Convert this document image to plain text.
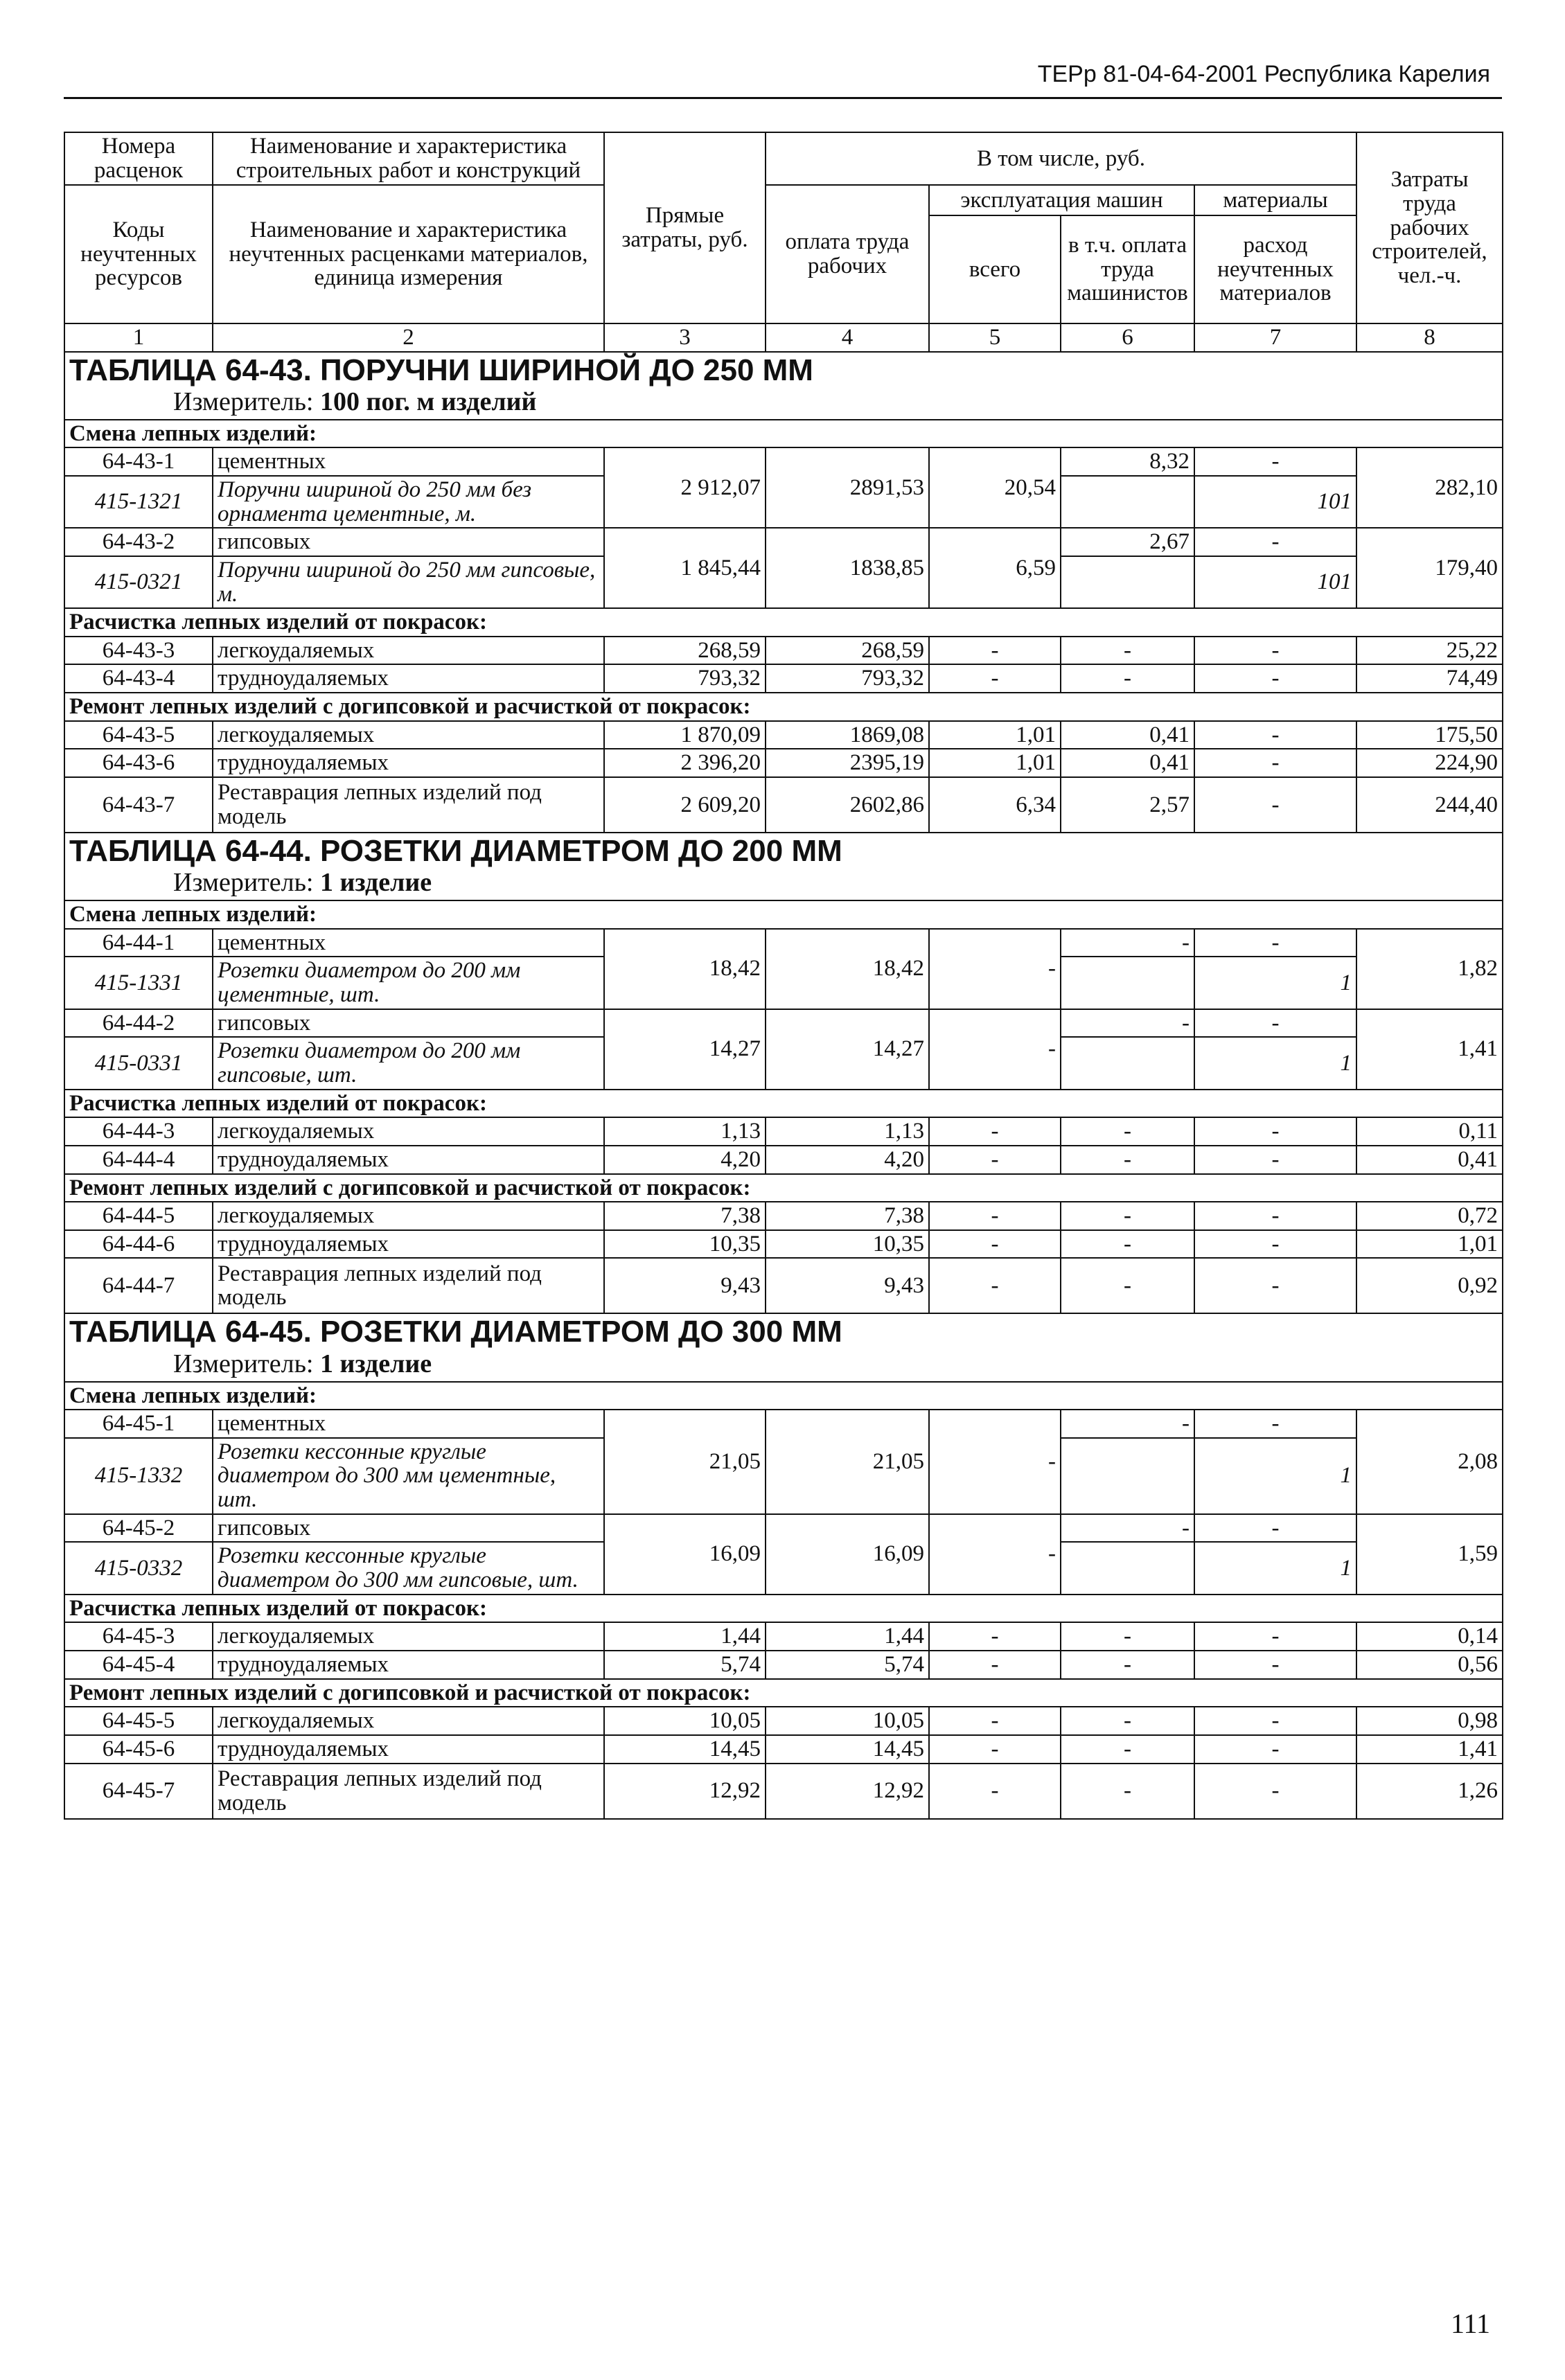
ТЕРр 81-04-64-2001 Республика Карелия
Номера расценок	Наименование и характеристика строительных работ и конструкций	Прямые затраты, руб.	В том числе, руб.				Затраты труда рабочих строителей, чел.-ч.
Коды неучтенных ресурсов	Наименование и характеристика неучтенных расценками материалов, единица измерения		оплата труда рабочих	эксплуатация машин		материалы	
				всего	в т.ч. оплата труда машинистов	расход неучтенных материалов	
1	2	3	4	5	6	7	8

ТАБЛИЦА 64-43. ПОРУЧНИ ШИРИНОЙ ДО 250 ММ
Измеритель: 100 пог. м изделий							

Смена лепных изделий:							
64-43-1	цементных	2 912,07	2891,53	20,54	8,32	-	282,10
415-1321	Поручни шириной до 250 мм без орнамента цементные, м.					101	
64-43-2	гипсовых	1 845,44	1838,85	6,59	2,67	-	179,40
415-0321	Поручни шириной до 250 мм гипсовые, м.					101	
Расчистка лепных изделий от покрасок:							
64-43-3	легкоудаляемых	268,59	268,59	-	-	-	25,22
64-43-4	трудноудаляемых	793,32	793,32	-	-	-	74,49
Ремонт лепных изделий с догипсовкой и расчисткой от покрасок:							
64-43-5	легкоудаляемых	1 870,09	1869,08	1,01	0,41	-	175,50
64-43-6	трудноудаляемых	2 396,20	2395,19	1,01	0,41	-	224,90
64-43-7	Реставрация лепных изделий под модель	2 609,20	2602,86	6,34	2,57	-	244,40

ТАБЛИЦА 64-44. РОЗЕТКИ ДИАМЕТРОМ ДО 200 ММ
Измеритель: 1 изделие							

Смена лепных изделий:							
64-44-1	цементных	18,42	18,42	-	-	-	1,82
415-1331	Розетки диаметром до 200 мм цементные, шт.					1	
64-44-2	гипсовых	14,27	14,27	-	-	-	1,41
415-0331	Розетки диаметром до 200 мм гипсовые, шт.					1	
Расчистка лепных изделий от покрасок:							
64-44-3	легкоудаляемых	1,13	1,13	-	-	-	0,11
64-44-4	трудноудаляемых	4,20	4,20	-	-	-	0,41
Ремонт лепных изделий с догипсовкой и расчисткой от покрасок:							
64-44-5	легкоудаляемых	7,38	7,38	-	-	-	0,72
64-44-6	трудноудаляемых	10,35	10,35	-	-	-	1,01
64-44-7	Реставрация лепных изделий под модель	9,43	9,43	-	-	-	0,92

ТАБЛИЦА 64-45. РОЗЕТКИ ДИАМЕТРОМ ДО 300 ММ
Измеритель: 1 изделие							

Смена лепных изделий:							
64-45-1	цементных	21,05	21,05	-	-	-	2,08
415-1332	Розетки кессонные круглые диаметром до 300 мм цементные, шт.					1	
64-45-2	гипсовых	16,09	16,09	-	-	-	1,59
415-0332	Розетки кессонные круглые диаметром до 300 мм гипсовые, шт.					1	
Расчистка лепных изделий от покрасок:							
64-45-3	легкоудаляемых	1,44	1,44	-	-	-	0,14
64-45-4	трудноудаляемых	5,74	5,74	-	-	-	0,56
Ремонт лепных изделий с догипсовкой и расчисткой от покрасок:							
64-45-5	легкоудаляемых	10,05	10,05	-	-	-	0,98
64-45-6	трудноудаляемых	14,45	14,45	-	-	-	1,41
64-45-7	Реставрация лепных изделий под модель	12,92	12,92	-	-	-	1,26
111
